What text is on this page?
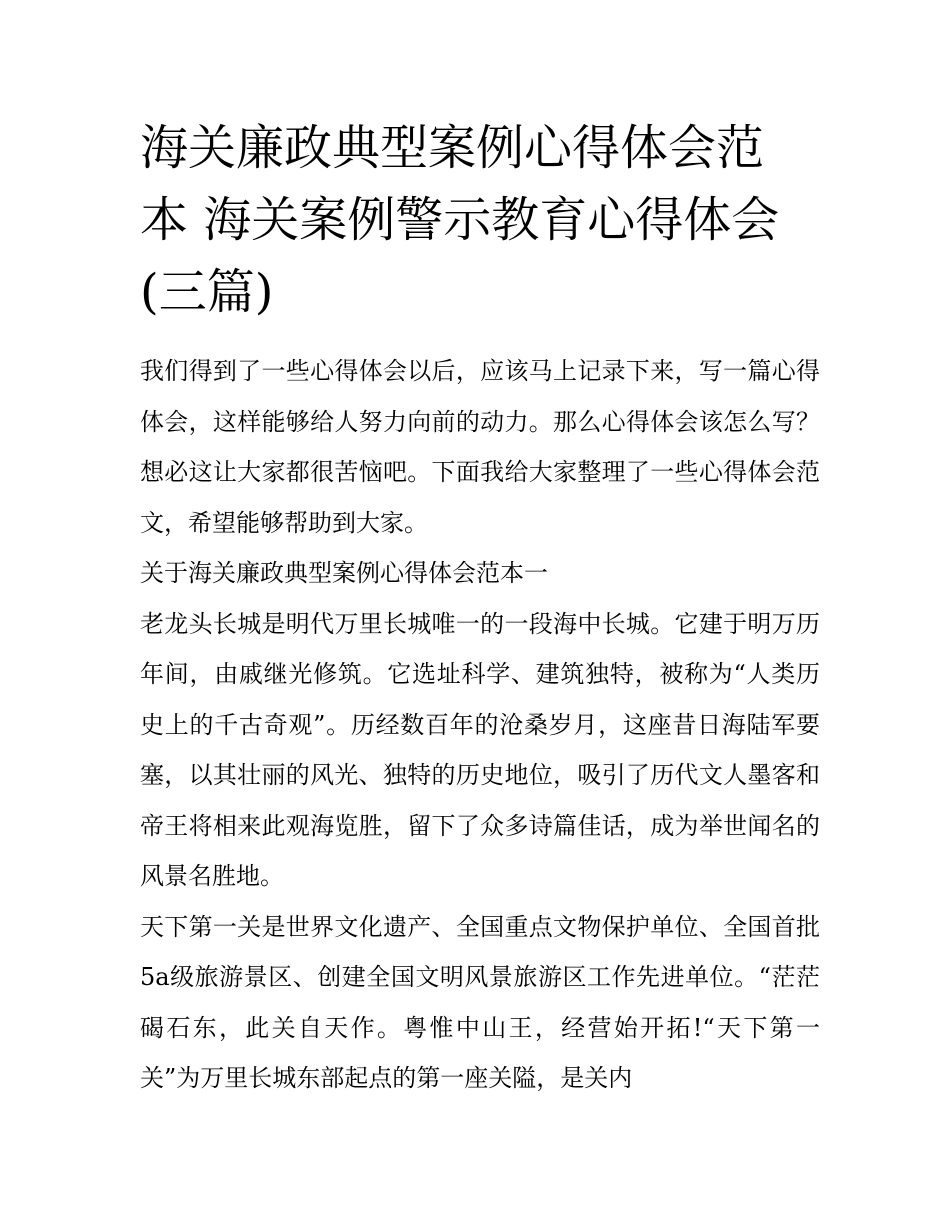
海关廉政典型案例心得体会范
本 海关案例警示教育心得体会
(三篇)

我们得到了一些心得体会以后，应该马上记录下来，写一篇心得体会，这样能够给人努力向前的动力。那么心得体会该怎么写？想必这让大家都很苦恼吧。下面我给大家整理了一些心得体会范文，希望能够帮助到大家。

关于海关廉政典型案例心得体会范本一

老龙头长城是明代万里长城唯一的一段海中长城。它建于明万历年间，由戚继光修筑。它选址科学、建筑独特，被称为“人类历史上的千古奇观”。历经数百年的沧桑岁月，这座昔日海陆军要塞，以其壮丽的风光、独特的历史地位，吸引了历代文人墨客和帝王将相来此观海览胜，留下了众多诗篇佳话，成为举世闻名的风景名胜地。

天下第一关是世界文化遗产、全国重点文物保护单位、全国首批5a级旅游景区、创建全国文明风景旅游区工作先进单位。“茫茫碣石东，此关自天作。粤惟中山王，经营始开拓!“天下第一关”为万里长城东部起点的第一座关隘，是关内
